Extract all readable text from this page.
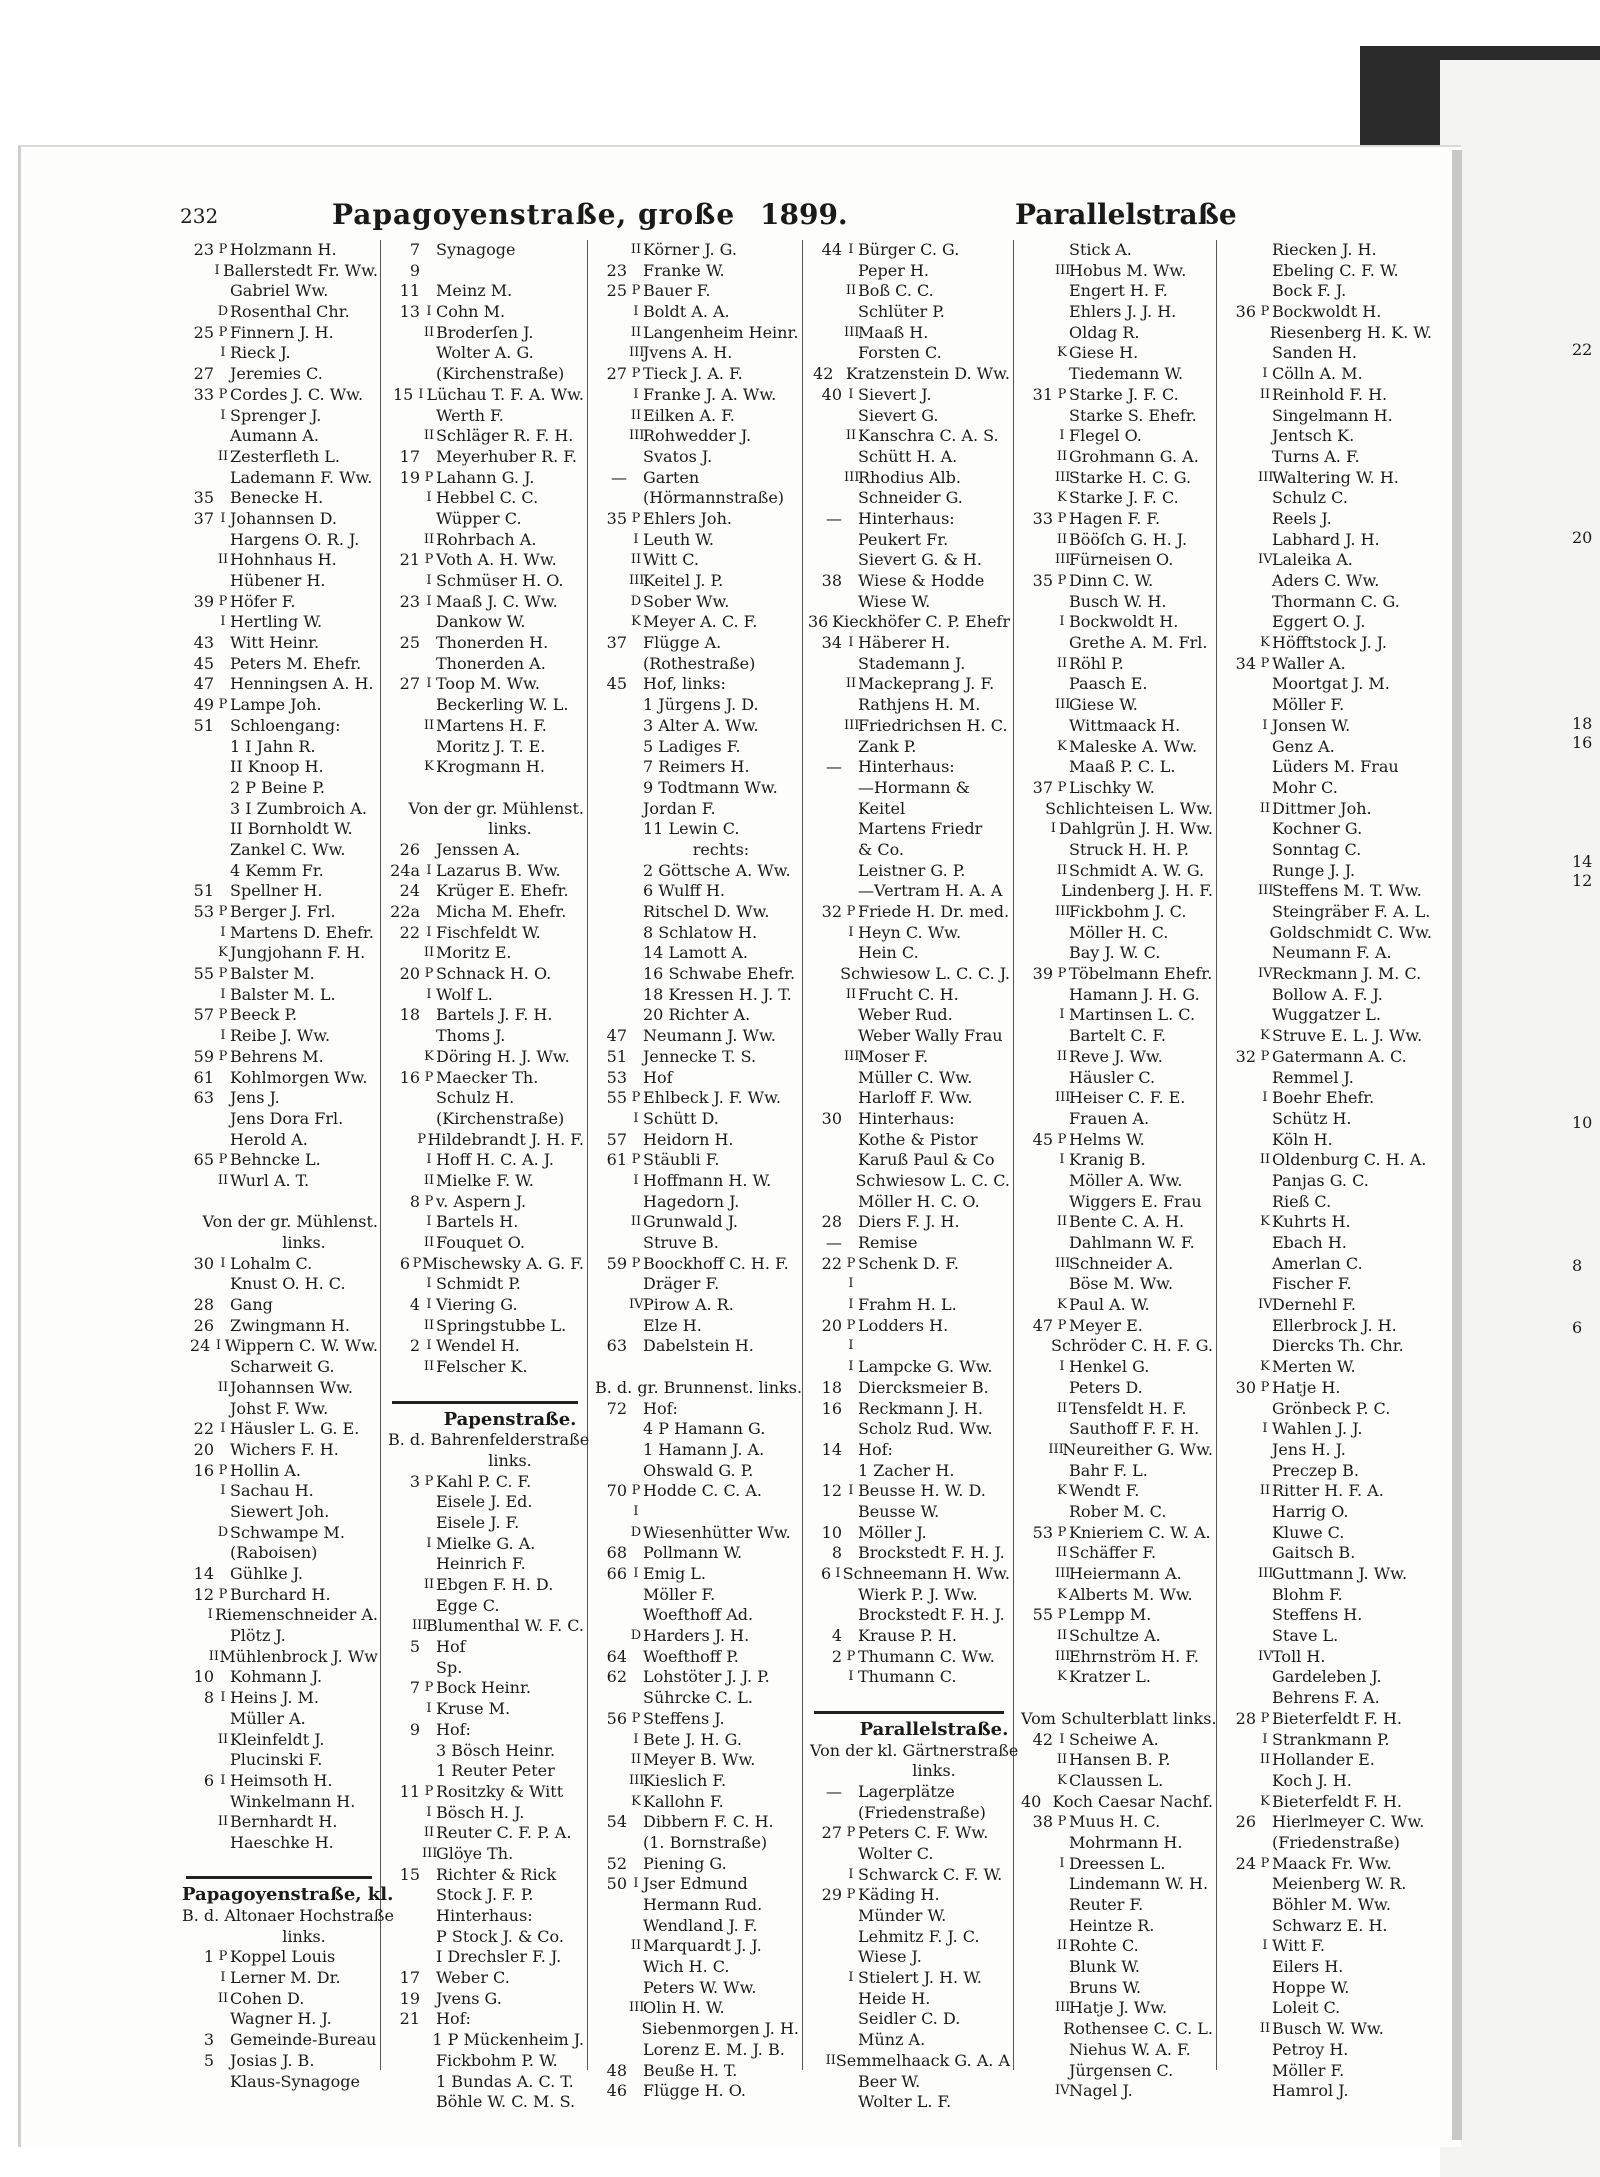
232	Papagoyenstraße, große 1899.	Parallelstraße
23 P Holzmann H.
I Ballerstedt Fr. Ww.
Gabriel Ww.
D Rosenthal Chr.
25 P Finnern J. H.
I Rieck J.
27 Jeremies C.
33 P Cordes J. C. Ww.
I Sprenger J.
Aumann A.
II Zesterfleth L.
Lademann F. Ww.
35 Benecke H.
37 I Johannsen D.
Hargens O. R. J.
II Hohnhaus H.
Hübener H.
39 P Höfer F.
I Hertling W.
43 Witt Heinr.
45 Peters M. Ehefr.
47 Henningsen A. H.
49 P Lampe Joh.
51 Schloengang:
1 I Jahn R.
II Knoop H.
2 P Beine P.
3 I Zumbroich A.
II Bornholdt W.
Zankel C. Ww.
4 Kemm Fr.
51 Spellner H.
53 P Berger J. Frl.
I Martens D. Ehefr.
K Jungjohann F. H.
55 P Balster M.
I Balster M. L.
57 P Beeck P.
I Reibe J. Ww.
59 P Behrens M.
61 Kohlmorgen Ww.
63 Jens J.
Jens Dora Frl.
Herold A.
65 P Behncke L.
II Wurl A. T.
Von der gr. Mühlenst.
links.
30 I Lohalm C.
Knust O. H. C.
28 Gang
26 Zwingmann H.
24 I Wippern C. W. Ww.
Scharweit G.
II Johannsen Ww.
Johst F. Ww.
22 I Häusler L. G. E.
20 Wichers F. H.
16 P Hollin A.
I Sachau H.
Siewert Joh.
D Schwampe M.
(Raboisen)
14 Gühlke J.
12 P Burchard H.
I Riemenschneider A.
Plötz J.
II Mühlenbrock J. Ww
10 Kohmann J.
8 I Heins J. M.
Müller A.
II Kleinfeldt J.
Plucinski F.
6 I Heimsoth H.
Winkelmann H.
II Bernhardt H.
Haeschke H.
Papagoyenstraße, kl.
B. d. Altonaer Hochstraße
links.
1 P Koppel Louis
I Lerner M. Dr.
II Cohen D.
Wagner H. J.
3 Gemeinde-Bureau
5 Josias J. B.
Klaus-Synagoge
7 Synagoge
9
11 Meinz M.
13 I Cohn M.
II Broderſen J.
Wolter A. G.
(Kirchenstraße)
15 I Lüchau T. F. A. Ww.
Werth F.
II Schläger R. F. H.
17 Meyerhuber R. F.
19 P Lahann G. J.
I Hebbel C. C.
Wüpper C.
II Rohrbach A.
21 P Voth A. H. Ww.
I Schmüser H. O.
23 I Maaß J. C. Ww.
Dankow W.
25 Thonerden H.
Thonerden A.
27 I Toop M. Ww.
Beckerling W. L.
II Martens H. F.
Moritz J. T. E.
K Krogmann H.
Von der gr. Mühlenst.
links.
26 Jenssen A.
24a I Lazarus B. Ww.
24 Krüger E. Ehefr.
22a Micha M. Ehefr.
22 I Fischfeldt W.
II Moritz E.
20 P Schnack H. O.
I Wolf L.
18 Bartels J. F. H.
Thoms J.
K Döring H. J. Ww.
16 P Maecker Th.
Schulz H.
(Kirchenstraße)
P Hildebrandt J. H. F.
I Hoff H. C. A. J.
II Mielke F. W.
8 P v. Aspern J.
I Bartels H.
II Fouquet O.
6 P Mischewsky A. G. F.
I Schmidt P.
4 I Viering G.
II Springstubbe L.
2 I Wendel H.
II Felscher K.
Papenstraße.
B. d. Bahrenfelderstraße
links.
3 P Kahl P. C. F.
Eisele J. Ed.
Eisele J. F.
I Mielke G. A.
Heinrich F.
II Ebgen F. H. D.
Egge C.
III
Blumenthal W. F. C.
5 Hof
Sp.
7 P Bock Heinr.
I Kruse M.
9 Hof:
3 Bösch Heinr.
1 Reuter Peter
11 P Rositzky & Witt
I Bösch H. J.
II Reuter C. F. P. A.
III
Glöye Th.
15 Richter & Rick
Stock J. F. P.
Hinterhaus:
P Stock J. & Co.
I Drechsler F. J.
17 Weber C.
19 Jvens G.
21 Hof:
1 P Mückenheim J.
Fickbohm P. W.
1 Bundas A. C. T.
Böhle W. C. M. S.
II Körner J. G.
23 Franke W.
25 P Bauer F.
I Boldt A. A.
II Langenheim Heinr.
III
Jvens A. H.
27 P Tieck J. A. F.
I Franke J. A. Ww.
II Eilken A. F.
III
Rohwedder J.
Svatos J.
— Garten
(Hörmannstraße)
35 P Ehlers Joh.
I Leuth W.
II Witt C.
III
Keitel J. P.
D Sober Ww.
K Meyer A. C. F.
37 Flügge A.
(Rothestraße)
45 Hof, links:
1 Jürgens J. D.
3 Alter A. Ww.
5 Ladiges F.
7 Reimers H.
9 Todtmann Ww.
Jordan F.
11 Lewin C.
rechts:
2 Göttsche A. Ww.
6 Wulff H.
Ritschel D. Ww.
8 Schlatow H.
14 Lamott A.
16 Schwabe Ehefr.
18 Kressen H. J. T.
20 Richter A.
47 Neumann J. Ww.
51 Jennecke T. S.
53 Hof
55 P Ehlbeck J. F. Ww.
I Schütt D.
57 Heidorn H.
61 P Stäubli F.
I Hoffmann H. W.
Hagedorn J.
II Grunwald J.
Struve B.
59 P Boockhoff C. H. F.
Dräger F.
IV Pirow A. R.
Elze H.
63 Dabelstein H.
B. d. gr. Brunnenst. links.
72 Hof:
4 P Hamann G.
1 Hamann J. A.
Ohswald G. P.
70 P Hodde C. C. A.
I
D Wiesenhütter Ww.
68 Pollmann W.
66 I Emig L.
Möller F.
Woefthoff Ad.
D Harders J. H.
64 Woefthoff P.
62 Lohstöter J. J. P.
Sührcke C. L.
56 P Steffens J.
I Bete J. H. G.
II Meyer B. Ww.
III
Kieslich F.
K Kallohn F.
54 Dibbern F. C. H.
(1. Bornstraße)
52 Piening G.
50 I Jser Edmund
Hermann Rud.
Wendland J. F.
II Marquardt J. J.
Wich H. C.
Peters W. Ww.
III
Olin H. W.
Siebenmorgen J. H.
Lorenz E. M. J. B.
48 Beuße H. T.
46 Flügge H. O.
44 I Bürger C. G.
Peper H.
II Boß C. C.
Schlüter P.
III
Maaß H.
Forsten C.
42 Kratzenstein D. Ww.
40 I Sievert J.
Sievert G.
II Kanschra C. A. S.
Schütt H. A.
III
Rhodius Alb.
Schneider G.
— Hinterhaus:
Peukert Fr.
Sievert G. & H.
38 Wiese & Hodde
Wiese W.
36 Kieckhöfer C. P. Ehefr
34 I Häberer H.
Stademann J.
II Mackeprang J. F.
Rathjens H. M.
III
Friedrichsen H. C.
Zank P.
— Hinterhaus:
—Hormann &
Keitel
Martens Friedr
& Co.
Leistner G. P.
—Vertram H. A. A
32 P Friede H. Dr. med.
I Heyn C. Ww.
Hein C.
Schwiesow L. C. C. J.
II Frucht C. H.
Weber Rud.
Weber Wally Frau
III
Moser F.
Müller C. Ww.
Harloff F. Ww.
30 Hinterhaus:
Kothe & Pistor
Karuß Paul & Co
Schwiesow L. C. C.
Möller H. C. O.
28 Diers F. J. H.
— Remise
22 P Schenk D. F.
I
I Frahm H. L.
20 P Lodders H.
I
I Lampcke G. Ww.
18 Diercksmeier B.
16 Reckmann J. H.
Scholz Rud. Ww.
14 Hof:
1 Zacher H.
12 I Beusse H. W. D.
Beusse W.
10 Möller J.
8 Brockstedt F. H. J.
6 I Schneemann H. Ww.
Wierk P. J. Ww.
Brockstedt F. H. J.
4 Krause P. H.
2 P Thumann C. Ww.
I Thumann C.
Parallelstraße.
Von der kl. Gärtnerstraße
links.
— Lagerplätze
(Friedenstraße)
27 P Peters C. F. Ww.
Wolter C.
I Schwarck C. F. W.
29 P Käding H.
Münder W.
Lehmitz F. J. C.
Wiese J.
I Stielert J. H. W.
Heide H.
Seidler C. D.
Münz A.
II Semmelhaack G. A. A
Beer W.
Wolter L. F.
Stick A.
III
Hobus M. Ww.
Engert H. F.
Ehlers J. J. H.
Oldag R.
K Giese H.
Tiedemann W.
31 P Starke J. F. C.
Starke S. Ehefr.
I Flegel O.
II Grohmann G. A.
III
Starke H. C. G.
K Starke J. F. C.
33 P Hagen F. F.
II Bööſch G. H. J.
III
Fürneisen O.
35 P Dinn C. W.
Busch W. H.
I Bockwoldt H.
Grethe A. M. Frl.
II Röhl P.
Paasch E.
III
Giese W.
Wittmaack H.
K Maleske A. Ww.
Maaß P. C. L.
37 P Lischky W.
Schlichteisen L. Ww.
I Dahlgrün J. H. Ww.
Struck H. H. P.
II Schmidt A. W. G.
Lindenberg J. H. F.
III
Fickbohm J. C.
Möller H. C.
Bay J. W. C.
39 P Töbelmann Ehefr.
Hamann J. H. G.
I Martinsen L. C.
Bartelt C. F.
II Reve J. Ww.
Häusler C.
III
Heiser C. F. E.
Frauen A.
45 P Helms W.
I Kranig B.
Möller A. Ww.
Wiggers E. Frau
II Bente C. A. H.
Dahlmann W. F.
III
Schneider A.
Böse M. Ww.
K Paul A. W.
47 P Meyer E.
Schröder C. H. F. G.
I Henkel G.
Peters D.
II Tensfeldt H. F.
Sauthoff F. F. H.
III
Neureither G. Ww.
Bahr F. L.
K Wendt F.
Rober M. C.
53 P Knieriem C. W. A.
II Schäffer F.
III
Heiermann A.
K Alberts M. Ww.
55 P Lempp M.
II Schultze A.
III
Ehrnström H. F.
K Kratzer L.
Vom Schulterblatt links.
42 I Scheiwe A.
II Hansen B. P.
K Claussen L.
40 Koch Caesar Nachf.
38 P Muus H. C.
Mohrmann H.
I Dreessen L.
Lindemann W. H.
Reuter F.
Heintze R.
II Rohte C.
Blunk W.
Bruns W.
III
Hatje J. Ww.
Rothensee C. C. L.
Niehus W. A. F.
Jürgensen C.
IV Nagel J.
Riecken J. H.
Ebeling C. F. W.
Bock F. J.
36 P Bockwoldt H.
Riesenberg H. K. W.
Sanden H.
I Cölln A. M.
II Reinhold F. H.
Singelmann H.
Jentsch K.
Turns A. F.
III
Waltering W. H.
Schulz C.
Reels J.
Labhard J. H.
IV Laleika A.
Aders C. Ww.
Thormann C. G.
Eggert O. J.
K Höfftstock J. J.
34 P Waller A.
Moortgat J. M.
Möller F.
I Jonsen W.
Genz A.
Lüders M. Frau
Mohr C.
II Dittmer Joh.
Kochner G.
Sonntag C.
Runge J. J.
III
Steffens M. T. Ww.
Steingräber F. A. L.
Goldschmidt C. Ww.
Neumann F. A.
IV Reckmann J. M. C.
Bollow A. F. J.
Wuggatzer L.
K Struve E. L. J. Ww.
32 P Gatermann A. C.
Remmel J.
I Boehr Ehefr.
Schütz H.
Köln H.
II Oldenburg C. H. A.
Panjas G. C.
Rieß C.
K Kuhrts H.
Ebach H.
Amerlan C.
Fischer F.
IV Dernehl F.
Ellerbrock J. H.
Diercks Th. Chr.
K Merten W.
30 P Hatje H.
Grönbeck P. C.
I Wahlen J. J.
Jens H. J.
Preczep B.
II Ritter H. F. A.
Harrig O.
Kluwe C.
Gaitsch B.
III
Guttmann J. Ww.
Blohm F.
Steffens H.
Stave L.
IV Toll H.
Gardeleben J.
Behrens F. A.
28 P Bieterfeldt F. H.
I Strankmann P.
II Hollander E.
Koch J. H.
K Bieterfeldt F. H.
26 Hierlmeyer C. Ww.
(Friedenstraße)
24 P Maack Fr. Ww.
Meienberg W. R.
Böhler M. Ww.
Schwarz E. H.
I Witt F.
Eilers H.
Hoppe W.
Loleit C.
II Busch W. Ww.
Petroy H.
Möller F.
Hamrol J.
22
20
18
16
14
12
10
8
6
